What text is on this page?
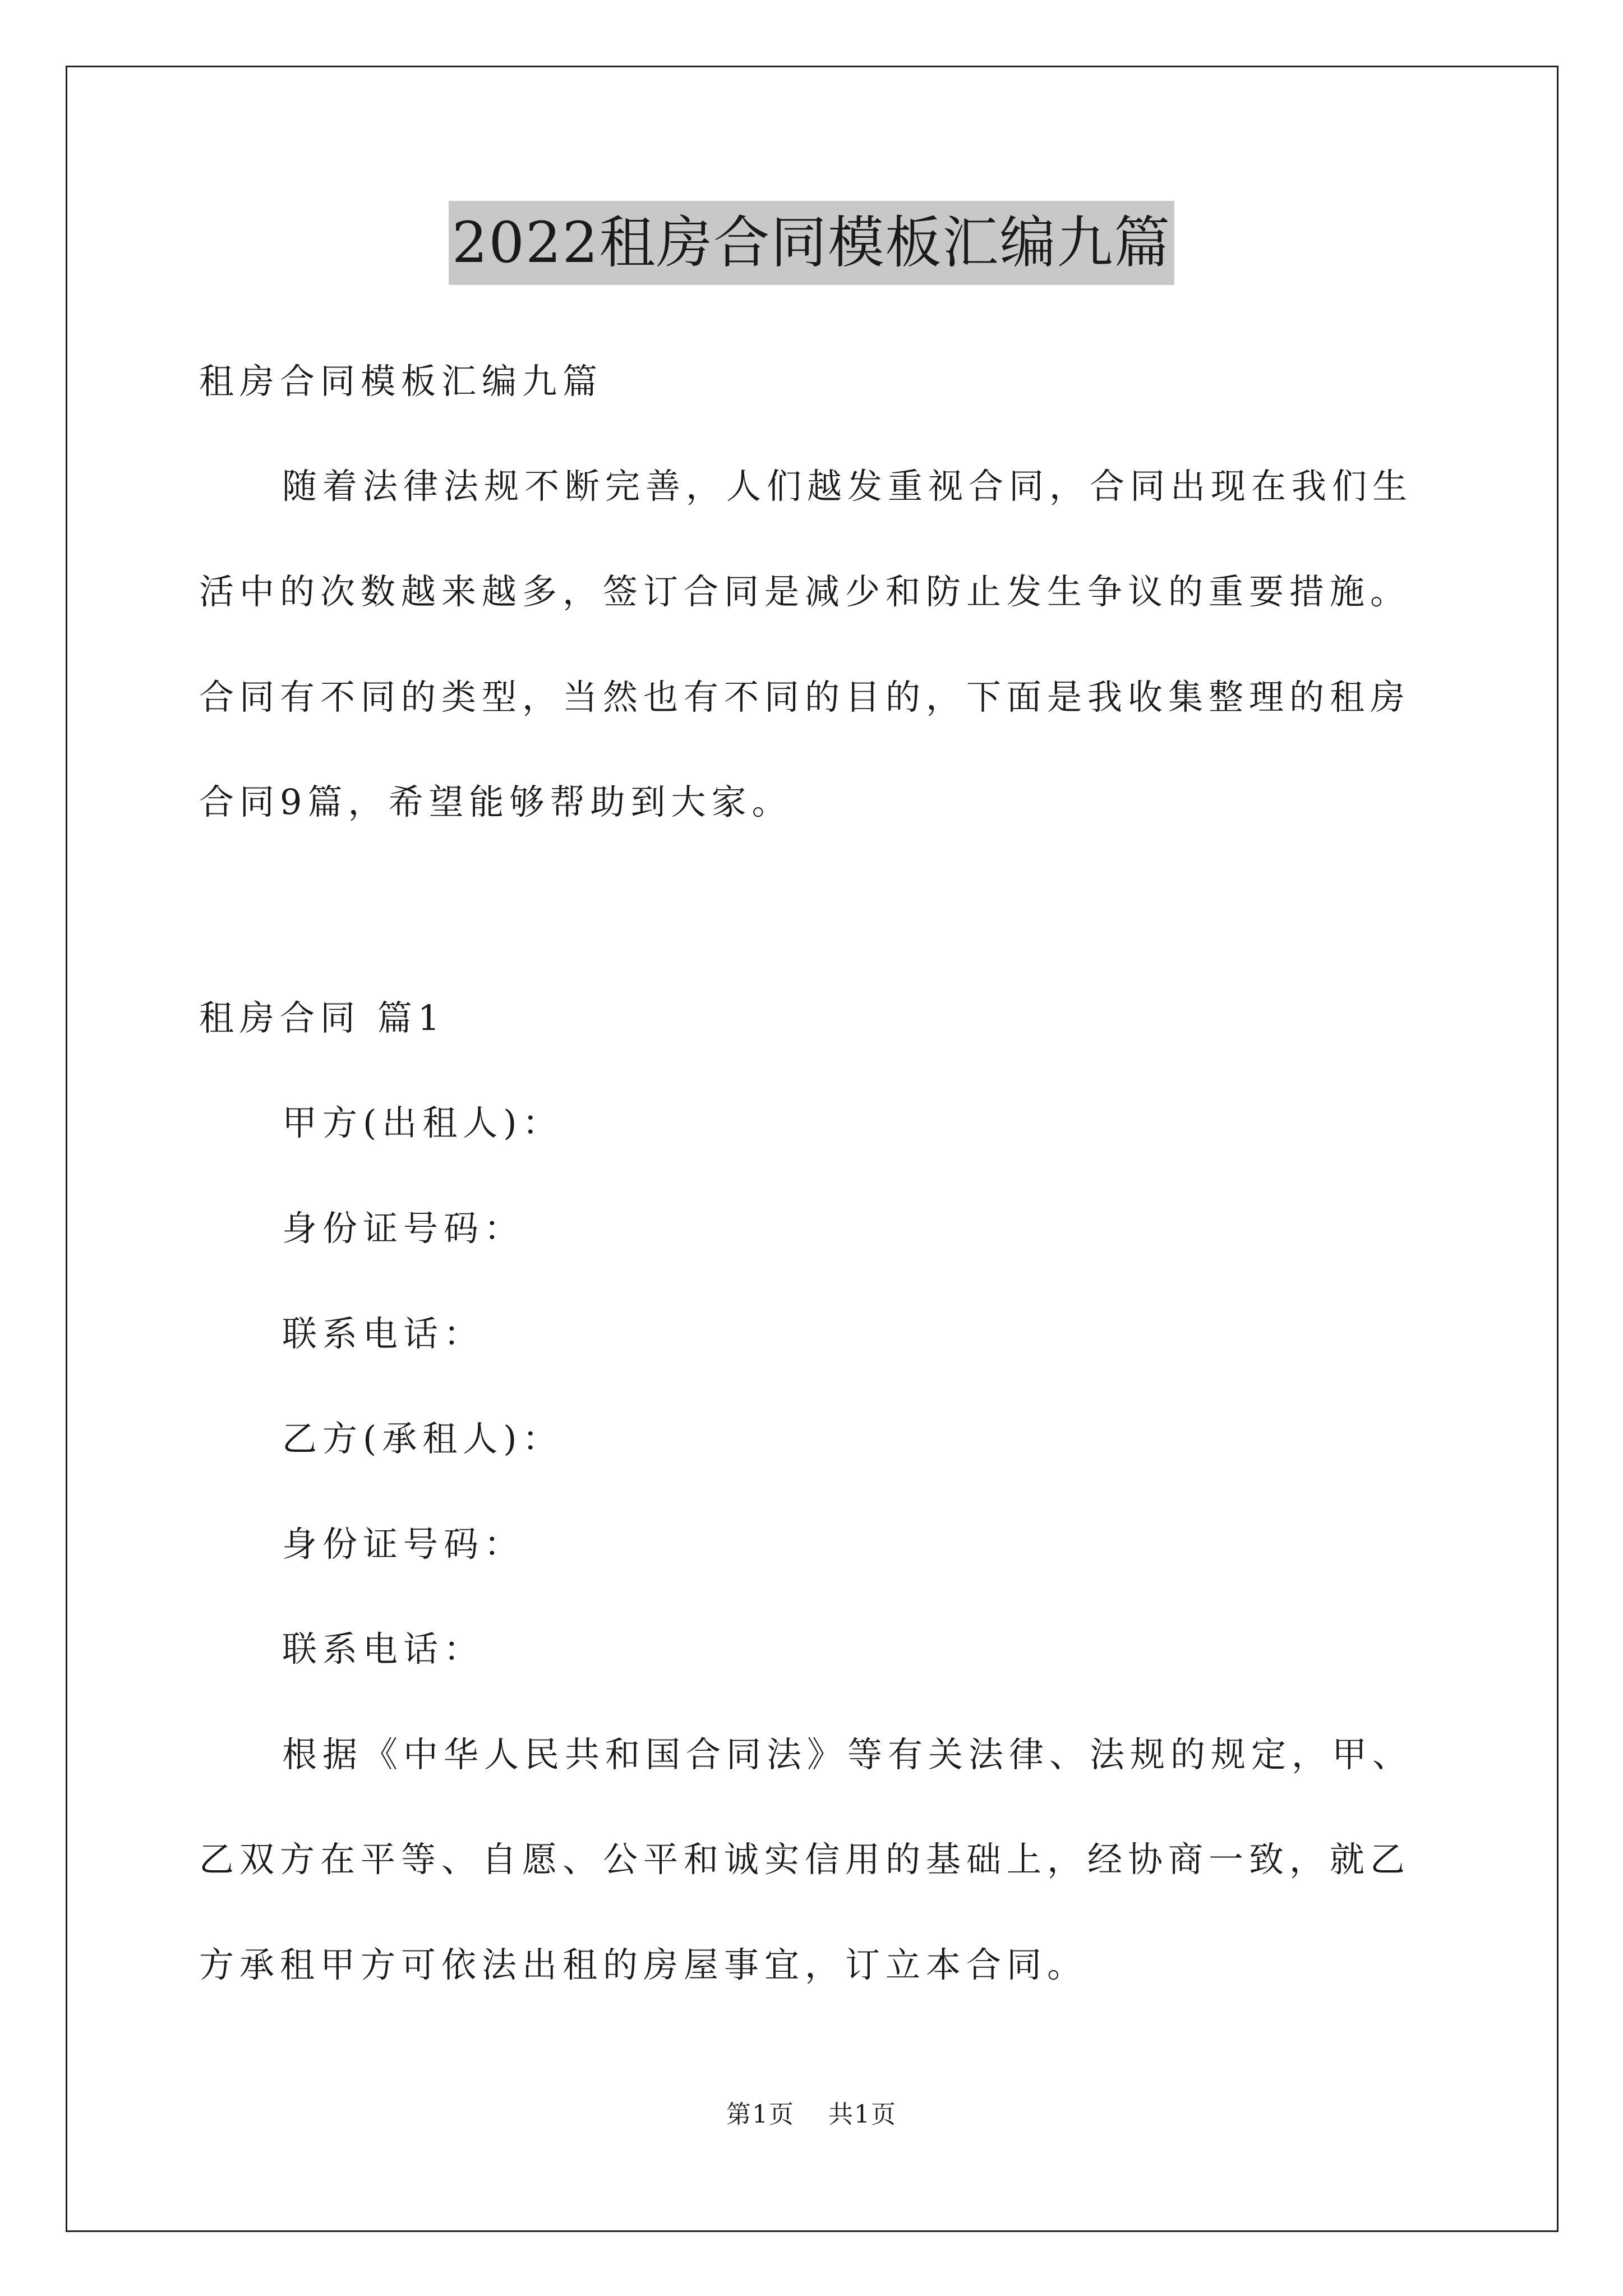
2022租房合同模板汇编九篇
租房合同模板汇编九篇
随着法律法规不断完善，人们越发重视合同，合同出现在我们生
活中的次数越来越多，签订合同是减少和防止发生争议的重要措施。
合同有不同的类型，当然也有不同的目的，下面是我收集整理的租房
合同9篇，希望能够帮助到大家。
租房合同 篇1
甲方(出租人)：
身份证号码：
联系电话：
乙方(承租人)：
身份证号码：
联系电话：
根据《中华人民共和国合同法》等有关法律、法规的规定，甲、
乙双方在平等、自愿、公平和诚实信用的基础上，经协商一致，就乙
方承租甲方可依法出租的房屋事宜，订立本合同。
第1页 共1页
